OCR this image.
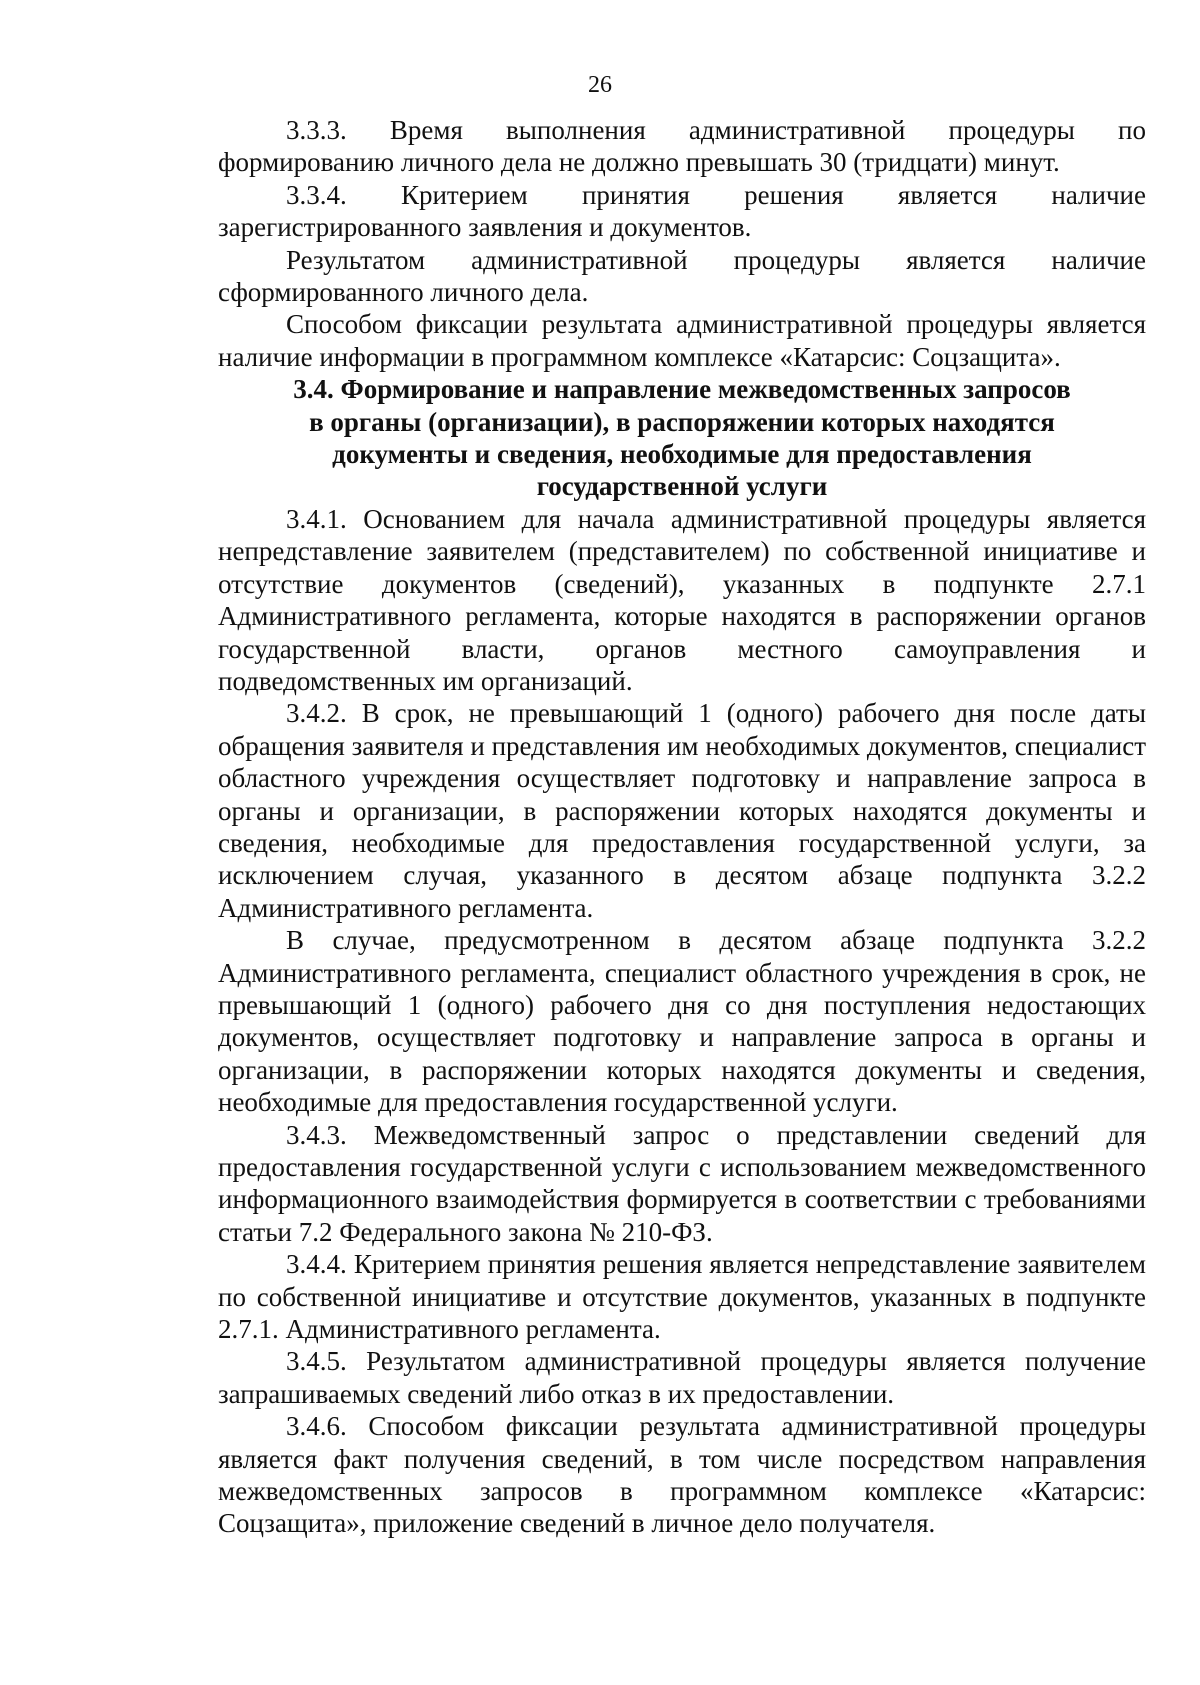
26

3.3.3. Время выполнения административной процедуры по формированию личного дела не должно превышать 30 (тридцати) минут.

3.3.4. Критерием принятия решения является наличие зарегистрированного заявления и документов.

Результатом административной процедуры является наличие сформированного личного дела.

Способом фиксации результата административной процедуры является наличие информации в программном комплексе «Катарсис: Соцзащита».

3.4. Формирование и направление межведомственных запросов
в органы (организации), в распоряжении которых находятся
документы и сведения, необходимые для предоставления
государственной услуги

3.4.1. Основанием для начала административной процедуры является непредставление заявителем (представителем) по собственной инициативе и отсутствие документов (сведений), указанных в подпункте 2.7.1 Административного регламента, которые находятся в распоряжении органов государственной власти, органов местного самоуправления и подведомственных им организаций.

3.4.2. В срок, не превышающий 1 (одного) рабочего дня после даты обращения заявителя и представления им необходимых документов, специалист областного учреждения осуществляет подготовку и направление запроса в органы и организации, в распоряжении которых находятся документы и сведения, необходимые для предоставления государственной услуги, за исключением случая, указанного в десятом абзаце подпункта 3.2.2 Административного регламента.

В случае, предусмотренном в десятом абзаце подпункта 3.2.2 Административного регламента, специалист областного учреждения в срок, не превышающий 1 (одного) рабочего дня со дня поступления недостающих документов, осуществляет подготовку и направление запроса в органы и организации, в распоряжении которых находятся документы и сведения, необходимые для предоставления государственной услуги.

3.4.3. Межведомственный запрос о представлении сведений для предоставления государственной услуги с использованием межведомственного информационного взаимодействия формируется в соответствии с требованиями статьи 7.2 Федерального закона № 210-ФЗ.

3.4.4. Критерием принятия решения является непредставление заявителем по собственной инициативе и отсутствие документов, указанных в подпункте 2.7.1. Административного регламента.

3.4.5. Результатом административной процедуры является получение запрашиваемых сведений либо отказ в их предоставлении.

3.4.6. Способом фиксации результата административной процедуры является факт получения сведений, в том числе посредством направления межведомственных запросов в программном комплексе «Катарсис: Соцзащита», приложение сведений в личное дело получателя.
